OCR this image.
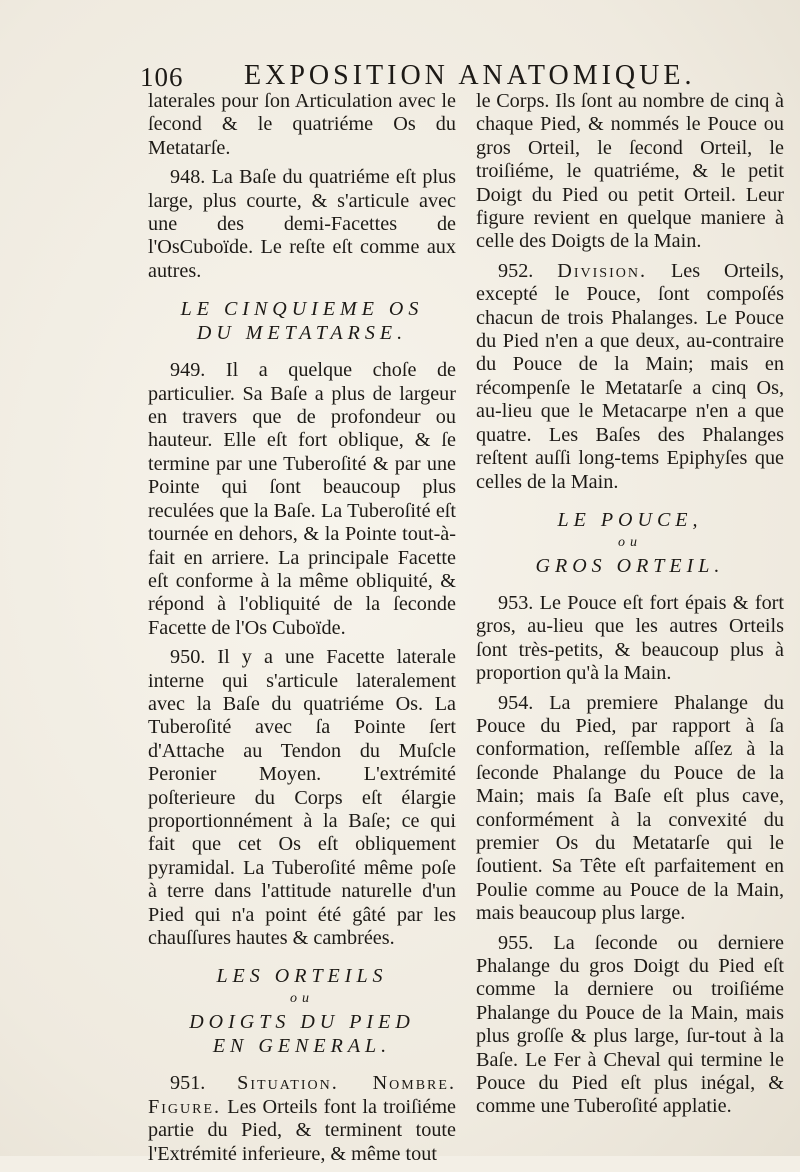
106 EXPOSITION ANATOMIQUE.

laterales pour ſon Articulation avec le ſecond & le quatriéme Os du Metatarſe.

948. La Baſe du quatriéme eſt plus large, plus courte, & s'articule avec une des demi-Facettes de l'OsCuboïde. Le reſte eſt comme aux autres.

LE CINQUIEME OS
DU METATARSE.

949. Il a quelque choſe de particulier. Sa Baſe a plus de largeur en travers que de profondeur ou hauteur. Elle eſt fort oblique, & ſe termine par une Tuberoſité & par une Pointe qui ſont beaucoup plus reculées que la Baſe. La Tuberoſité eſt tournée en dehors, & la Pointe tout-à-fait en arriere. La principale Facette eſt conforme à la même obliquité, & répond à l'obliquité de la ſeconde Facette de l'Os Cuboïde.

950. Il y a une Facette laterale interne qui s'articule lateralement avec la Baſe du quatriéme Os. La Tuberoſité avec ſa Pointe ſert d'Attache au Tendon du Muſcle Peronier Moyen. L'extrémité poſterieure du Corps eſt élargie proportionnément à la Baſe; ce qui fait que cet Os eſt obliquement pyramidal. La Tuberoſité même poſe à terre dans l'attitude naturelle d'un Pied qui n'a point été gâté par les chauſſures hautes & cambrées.

LES ORTEILS
ou
DOIGTS DU PIED
EN GENERAL.

951. Situation. Nombre. Figure. Les Orteils font la troiſiéme partie du Pied, & terminent toute l'Extrémité inferieure, & même tout

le Corps. Ils ſont au nombre de cinq à chaque Pied, & nommés le Pouce ou gros Orteil, le ſecond Orteil, le troiſiéme, le quatriéme, & le petit Doigt du Pied ou petit Orteil. Leur figure revient en quelque maniere à celle des Doigts de la Main.

952. Division. Les Orteils, excepté le Pouce, ſont compoſés chacun de trois Phalanges. Le Pouce du Pied n'en a que deux, au-contraire du Pouce de la Main; mais en récompenſe le Metatarſe a cinq Os, au-lieu que le Metacarpe n'en a que quatre. Les Baſes des Phalanges reſtent auſſi long-tems Epiphyſes que celles de la Main.

LE POUCE,
ou
GROS ORTEIL.

953. Le Pouce eſt fort épais & fort gros, au-lieu que les autres Orteils ſont très-petits, & beaucoup plus à proportion qu'à la Main.

954. La premiere Phalange du Pouce du Pied, par rapport à ſa conformation, reſſemble aſſez à la ſeconde Phalange du Pouce de la Main; mais ſa Baſe eſt plus cave, conformément à la convexité du premier Os du Metatarſe qui le ſoutient. Sa Tête eſt parfaitement en Poulie comme au Pouce de la Main, mais beaucoup plus large.

955. La ſeconde ou derniere Phalange du gros Doigt du Pied eſt comme la derniere ou troiſiéme Phalange du Pouce de la Main, mais plus groſſe & plus large, ſur-tout à la Baſe. Le Fer à Cheval qui termine le Pouce du Pied eſt plus inégal, & comme une Tuberoſité applatie.
